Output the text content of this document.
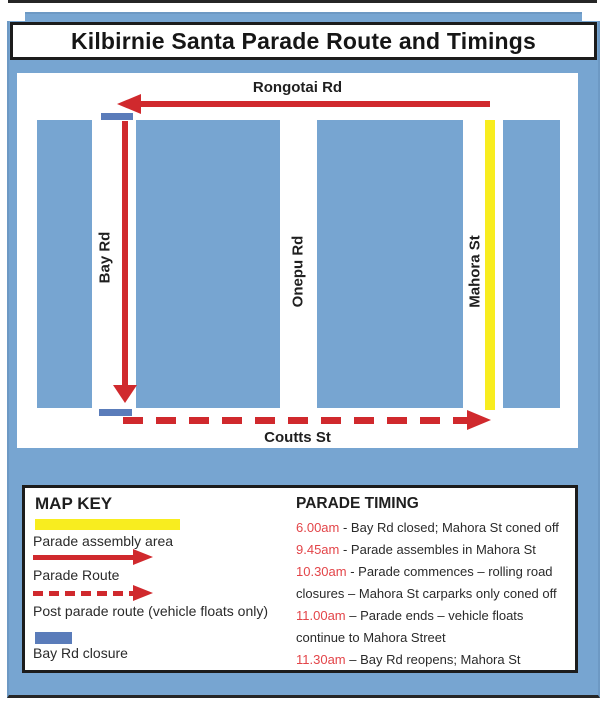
Kilbirnie Santa Parade Route and Timings
Rongotai Rd
Bay Rd	Onepu Rd	Mahora St
Coutts St
MAP KEY
Parade assembly area
Parade Route
Post parade route (vehicle floats only)
Bay Rd closure
PARADE TIMING
6.00am - Bay Rd closed; Mahora St coned off
9.45am - Parade assembles in Mahora St
10.30am - Parade commences – rolling road
closures – Mahora St carparks only coned off
11.00am – Parade ends – vehicle floats
continue to Mahora Street
11.30am – Bay Rd reopens; Mahora St
